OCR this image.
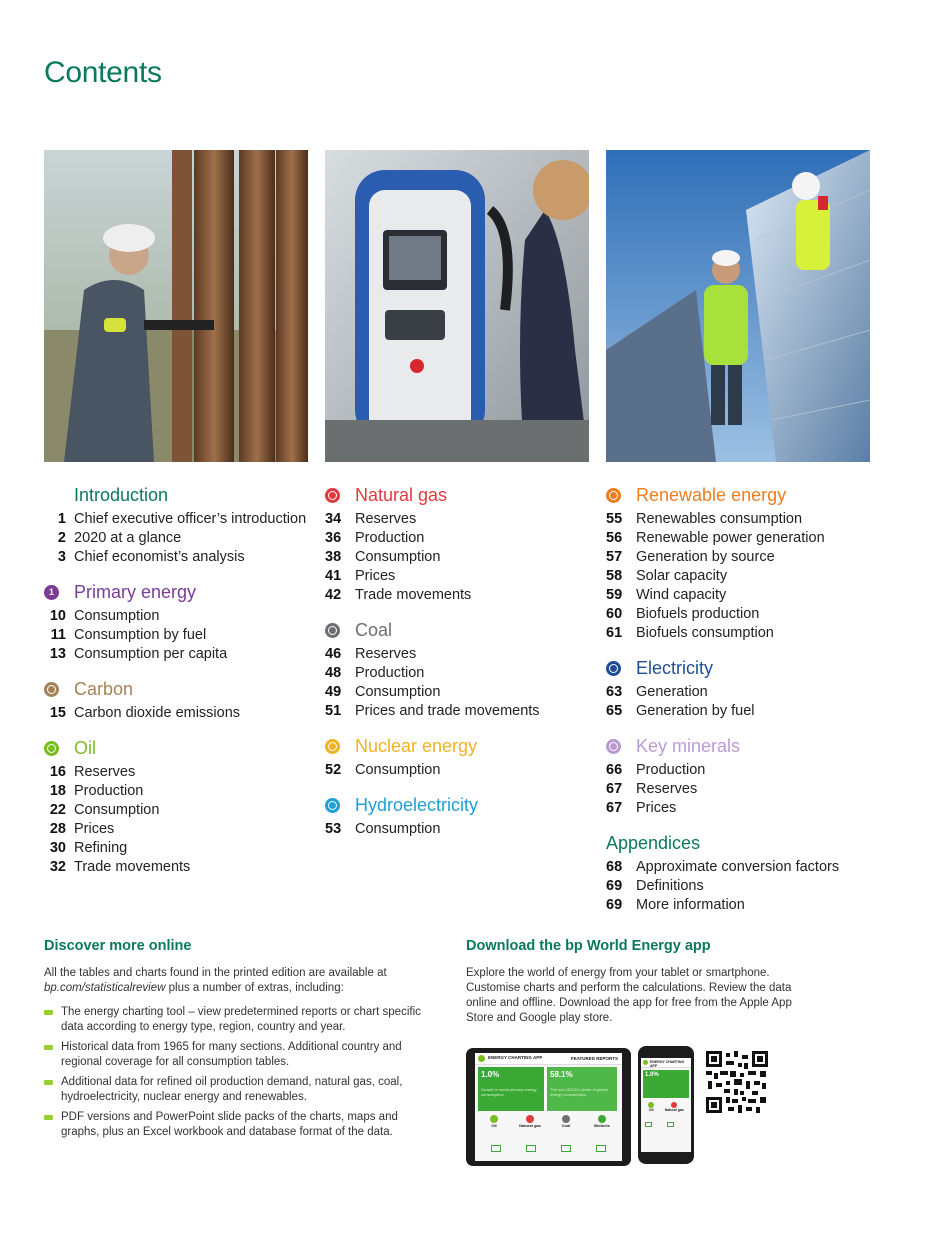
Contents
Introduction
1 Chief executive officer’s introduction
2 2020 at a glance
3 Chief economist’s analysis
1 Primary energy
10 Consumption
11 Consumption by fuel
13 Consumption per capita
Carbon
15 Carbon dioxide emissions
Oil
16 Reserves
18 Production
22 Consumption
28 Prices
30 Refining
32 Trade movements
Natural gas
34 Reserves
36 Production
38 Consumption
41 Prices
42 Trade movements
Coal
46 Reserves
48 Production
49 Consumption
51 Prices and trade movements
Nuclear energy
52 Consumption
Hydroelectricity
53 Consumption
Renewable energy
55 Renewables consumption
56 Renewable power generation
57 Generation by source
58 Solar capacity
59 Wind capacity
60 Biofuels production
61 Biofuels consumption
Electricity
63 Generation
65 Generation by fuel
Key minerals
66 Production
67 Reserves
67 Prices
Appendices
68 Approximate conversion factors
69 Definitions
69 More information
Discover more online
All the tables and charts found in the printed edition are available at bp.com/statisticalreview plus a number of extras, including:
The energy charting tool – view predetermined reports or chart specific data according to energy type, region, country and year.
Historical data from 1965 for many sections. Additional country and regional coverage for all consumption tables.
Additional data for refined oil production demand, natural gas, coal, hydroelectricity, nuclear energy and renewables.
PDF versions and PowerPoint slide packs of the charts, maps and graphs, plus an Excel workbook and database format of the data.
Download the bp World Energy app
Explore the world of energy from your tablet or smartphone. Customise charts and perform the calculations. Review the data online and offline. Download the app for free from the Apple App Store and Google play store.
ENERGY CHARTING APP	FEATURED REPORTS
1.0%
Growth in world primary energy consumption
58.1%
The non-OECD's share of global energy consumption
Oil	Natural gas	Coal	Biofuels
ENERGY CHARTING APP
1.0%
Oil	Natural gas
